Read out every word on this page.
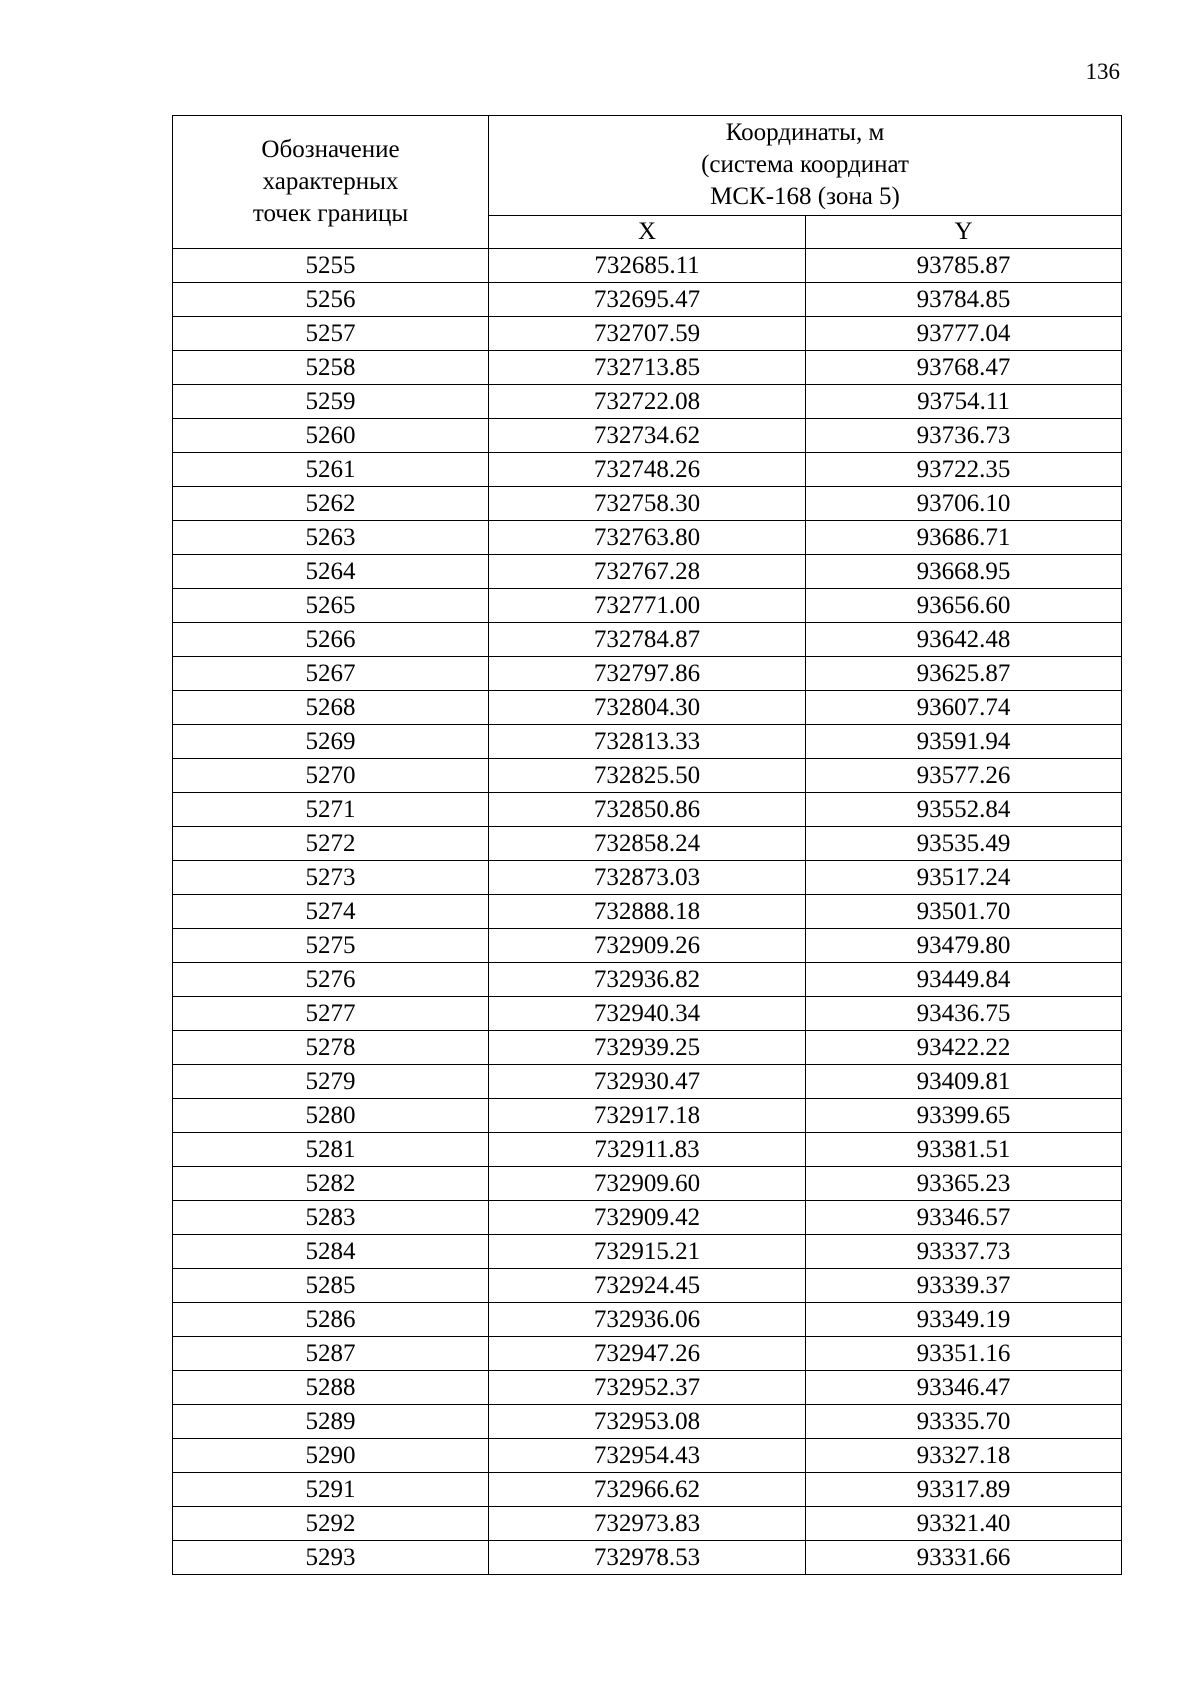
136
Обозначение
характерных
точек границы	Координаты, м
(система координат
МСК-168 (зона 5)	

	X	Y
5255	732685.11	93785.87
5256	732695.47	93784.85
5257	732707.59	93777.04
5258	732713.85	93768.47
5259	732722.08	93754.11
5260	732734.62	93736.73
5261	732748.26	93722.35
5262	732758.30	93706.10
5263	732763.80	93686.71
5264	732767.28	93668.95
5265	732771.00	93656.60
5266	732784.87	93642.48
5267	732797.86	93625.87
5268	732804.30	93607.74
5269	732813.33	93591.94
5270	732825.50	93577.26
5271	732850.86	93552.84
5272	732858.24	93535.49
5273	732873.03	93517.24
5274	732888.18	93501.70
5275	732909.26	93479.80
5276	732936.82	93449.84
5277	732940.34	93436.75
5278	732939.25	93422.22
5279	732930.47	93409.81
5280	732917.18	93399.65
5281	732911.83	93381.51
5282	732909.60	93365.23
5283	732909.42	93346.57
5284	732915.21	93337.73
5285	732924.45	93339.37
5286	732936.06	93349.19
5287	732947.26	93351.16
5288	732952.37	93346.47
5289	732953.08	93335.70
5290	732954.43	93327.18
5291	732966.62	93317.89
5292	732973.83	93321.40
5293	732978.53	93331.66
